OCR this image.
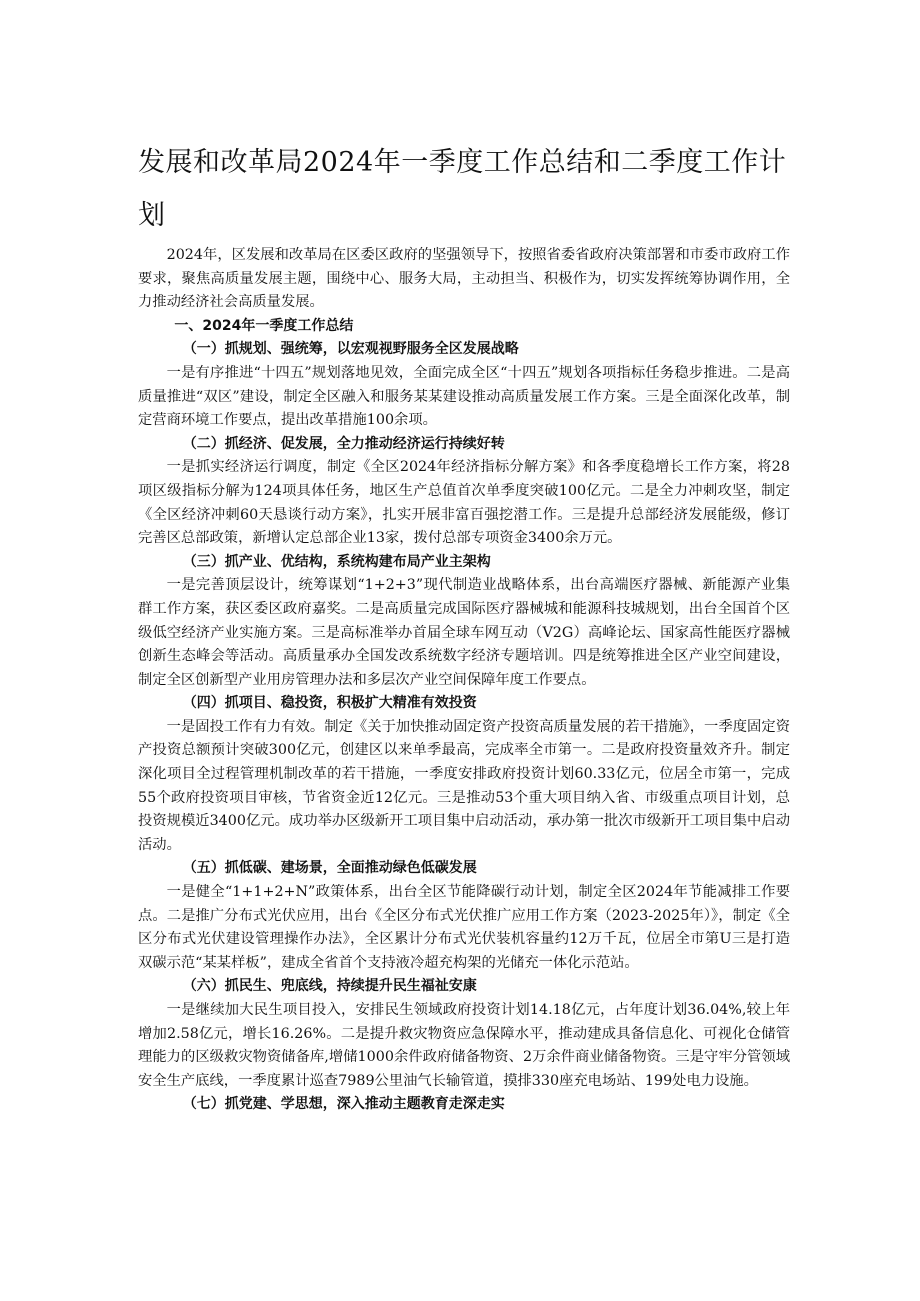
发展和改革局2024年一季度工作总结和二季度工作计划

2024年，区发展和改革局在区委区政府的坚强领导下，按照省委省政府决策部署和市委市政府工作要求，聚焦高质量发展主题，围绕中心、服务大局，主动担当、积极作为，切实发挥统筹协调作用，全力推动经济社会高质量发展。

一、2024年一季度工作总结

（一）抓规划、强统筹，以宏观视野服务全区发展战略

一是有序推进“十四五”规划落地见效，全面完成全区“十四五”规划各项指标任务稳步推进。二是高质量推进“双区”建设，制定全区融入和服务某某建设推动高质量发展工作方案。三是全面深化改革，制定营商环境工作要点，提出改革措施100余项。

（二）抓经济、促发展，全力推动经济运行持续好转

一是抓实经济运行调度，制定《全区2024年经济指标分解方案》和各季度稳增长工作方案，将28项区级指标分解为124项具体任务，地区生产总值首次单季度突破100亿元。二是全力冲刺攻坚，制定《全区经济冲刺60天恳谈行动方案》，扎实开展非富百强挖潜工作。三是提升总部经济发展能级，修订完善区总部政策，新增认定总部企业13家，拨付总部专项资金3400余万元。

（三）抓产业、优结构，系统构建布局产业主架构

一是完善顶层设计，统筹谋划“1+2+3”现代制造业战略体系，出台高端医疗器械、新能源产业集群工作方案，获区委区政府嘉奖。二是高质量完成国际医疗器械城和能源科技城规划，出台全国首个区级低空经济产业实施方案。三是高标准举办首届全球车网互动（V2G）高峰论坛、国家高性能医疗器械创新生态峰会等活动。高质量承办全国发改系统数字经济专题培训。四是统筹推进全区产业空间建设，制定全区创新型产业用房管理办法和多层次产业空间保障年度工作要点。

（四）抓项目、稳投资，积极扩大精准有效投资

一是固投工作有力有效。制定《关于加快推动固定资产投资高质量发展的若干措施》，一季度固定资产投资总额预计突破300亿元，创建区以来单季最高，完成率全市第一。二是政府投资量效齐升。制定深化项目全过程管理机制改革的若干措施，一季度安排政府投资计划60.33亿元，位居全市第一，完成55个政府投资项目审核，节省资金近12亿元。三是推动53个重大项目纳入省、市级重点项目计划，总投资规模近3400亿元。成功举办区级新开工项目集中启动活动，承办第一批次市级新开工项目集中启动活动。

（五）抓低碳、建场景，全面推动绿色低碳发展

一是健全“1+1+2+N”政策体系，出台全区节能降碳行动计划，制定全区2024年节能减排工作要点。二是推广分布式光伏应用，出台《全区分布式光伏推广应用工作方案（2023-2025年）》，制定《全区分布式光伏建设管理操作办法》，全区累计分布式光伏装机容量约12万千瓦，位居全市第U三是打造双碳示范“某某样板”，建成全省首个支持液冷超充构架的光储充一体化示范站。

（六）抓民生、兜底线，持续提升民生福祉安康

一是继续加大民生项目投入，安排民生领域政府投资计划14.18亿元，占年度计划36.04%,较上年增加2.58亿元，增长16.26%。二是提升救灾物资应急保障水平，推动建成具备信息化、可视化仓储管理能力的区级救灾物资储备库,增储1000余件政府储备物资、2万余件商业储备物资。三是守牢分管领域安全生产底线，一季度累计巡查7989公里油气长输管道，摸排330座充电场站、199处电力设施。

（七）抓党建、学思想，深入推动主题教育走深走实
